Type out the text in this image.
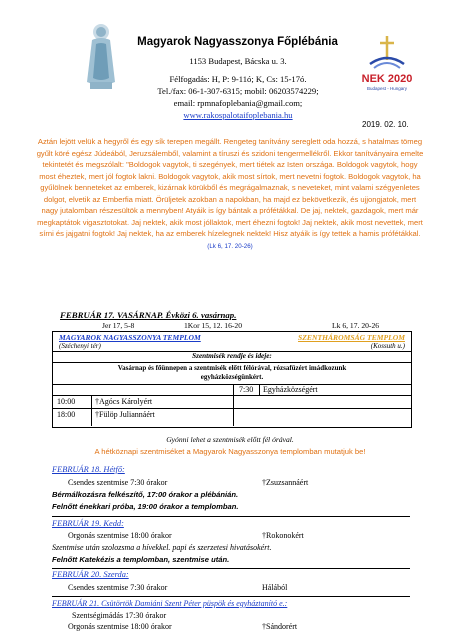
Magyarok Nagyasszonya Főplébánia
1153 Budapest, Bácska u. 3.
Félfogadás: H, P: 9-11ó; K, Cs: 15-17ó.
Tel./fax: 06-1-307-6315; mobil: 06203574229;
email: rpmnafoplebania@gmail.com;
www.rakospalotaifoplebania.hu
NEK 2020
Budapest - Hungary
2019. 02. 10.
Aztán lejött velük a hegyről és egy sík terepen megállt. Rengeteg tanítvány sereglett oda hozzá, s hatalmas tömeg gyűlt köré egész Júdeából, Jeruzsálemből, valamint a tíruszi és szidoni tengermellékről. Ekkor tanítványaira emelte tekintetét és megszólalt: "Boldogok vagytok, ti szegények, mert tiétek az Isten országa. Boldogok vagytok, hogy most éheztek, mert jól fogtok lakni. Boldogok vagytok, akik most sírtok, mert nevetni fogtok. Boldogok vagytok, ha gyűlölnek benneteket az emberek, kizárnak körükből és megrágalmaznak, s neveteket, mint valami szégyenletes dolgot, elvetik az Emberfia miatt. Örüljetek azokban a napokban, ha majd ez bekövetkezik, és ujjongjatok, mert nagy jutalomban részesültök a mennyben! Atyáik is így bántak a prófétákkal. De jaj, nektek, gazdagok, mert már megkaptátok vigasztotokat. Jaj nektek, akik most jóllaktok, mert éhezni fogtok! Jaj nektek, akik most nevettek, mert sírni és jajgatni fogtok! Jaj nektek, ha az emberek hízelegnek nektek! Hisz atyáik is így tettek a hamis prófétákkal. (Lk 6, 17. 20-26)
FEBRUÁR 17. VASÁRNAP. Évközi 6. vasárnap.
Jer 17, 5-8	1Kor 15, 12. 16-20	Lk 6, 17. 20-26
MAGYAROK NAGYASSZONYA TEMPLOM	SZENTHÁROMSÁG TEMPLOM
(Széchenyi tér)	(Kossuth u.)
Szentmisék rendje és ideje:
Vasárnap és főünnepen a szentmisék előtt félórával, rózsafüzért imádkozunk egyházközségünkért.
7:30 Egyházközségért
10:00 †Agócs Károlyért
18:00 †Fülöp Juliannáért
Gyónni lehet a szentmisék előtt fél órával.
A hétköznapi szentmiséket a Magyarok Nagyasszonya templomban mutatjuk be!
FEBRUÁR 18. Hétfő:
Csendes szentmise 7:30 órakor	†Zsuzsannáért
Bérmálkozásra felkészítő, 17:00 órakor a plébánián.
Felnőtt énekkari próba, 19:00 órakor a templomban.
FEBRUÁR 19. Kedd:
Orgonás szentmise 18:00 órakor	†Rokonokért
Szentmise után szolozsma a hívekkel. papi és szerzetesi hivatásokért.
Felnőtt Katekézis a templomban, szentmise után.
FEBRUÁR 20. Szerda:
Csendes szentmise 7:30 órakor	Hálából
FEBRUÁR 21. Csütörtök Damiáni Szent Péter püspök és egyháztanító e.:
Szentségimádás 17:30 órakor
Orgonás szentmise 18:00 órakor	†Sándorért
